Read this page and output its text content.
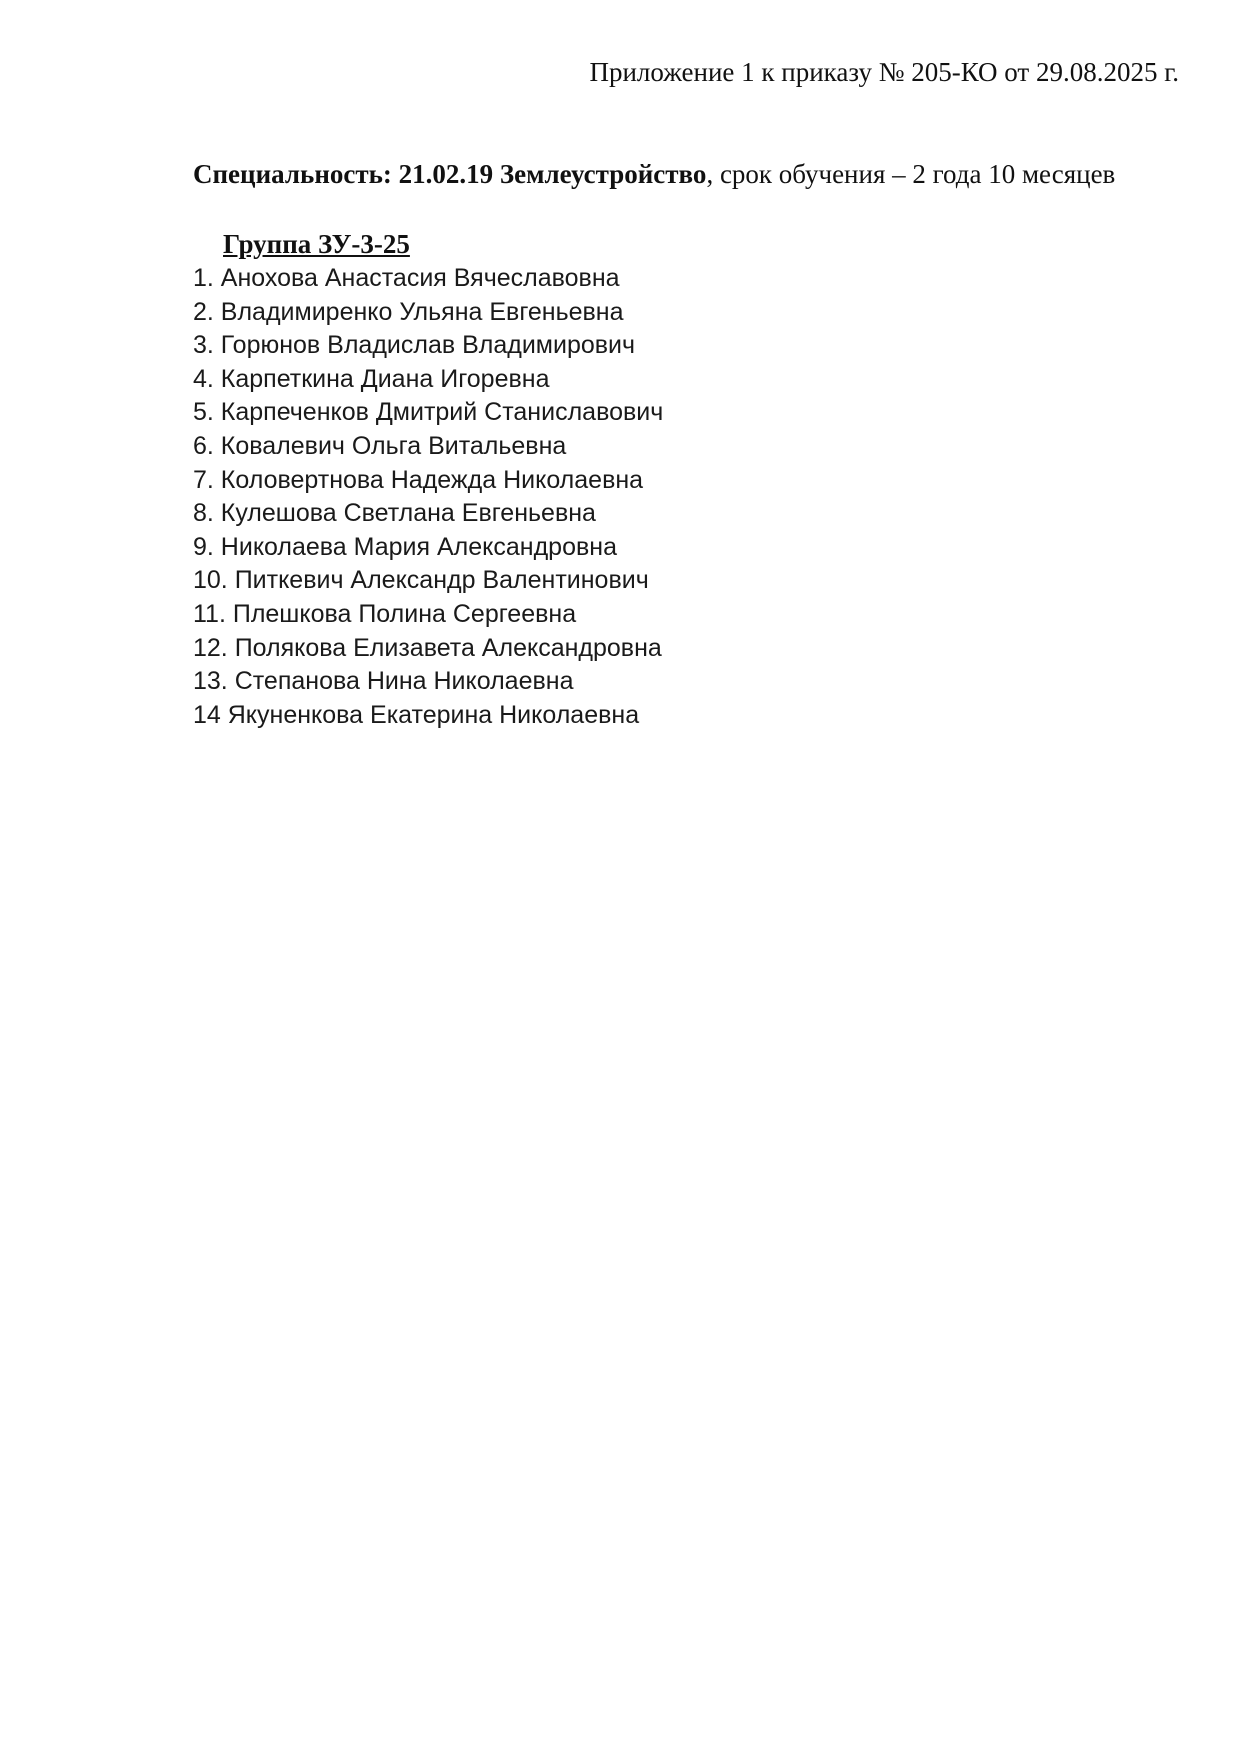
Приложение 1 к приказу № 205-КО от 29.08.2025 г.
Специальность: 21.02.19 Землеустройство, срок обучения – 2 года 10 месяцев
Группа ЗУ-3-25
1. Анохова Анастасия Вячеславовна
2. Владимиренко Ульяна Евгеньевна
3. Горюнов Владислав Владимирович
4. Карпеткина Диана Игоревна
5. Карпеченков Дмитрий Станиславович
6. Ковалевич Ольга Витальевна
7. Коловертнова Надежда Николаевна
8. Кулешова Светлана Евгеньевна
9. Николаева Мария Александровна
10. Питкевич Александр Валентинович
11. Плешкова Полина Сергеевна
12. Полякова Елизавета Александровна
13. Степанова Нина Николаевна
14 Якуненкова Екатерина Николаевна
